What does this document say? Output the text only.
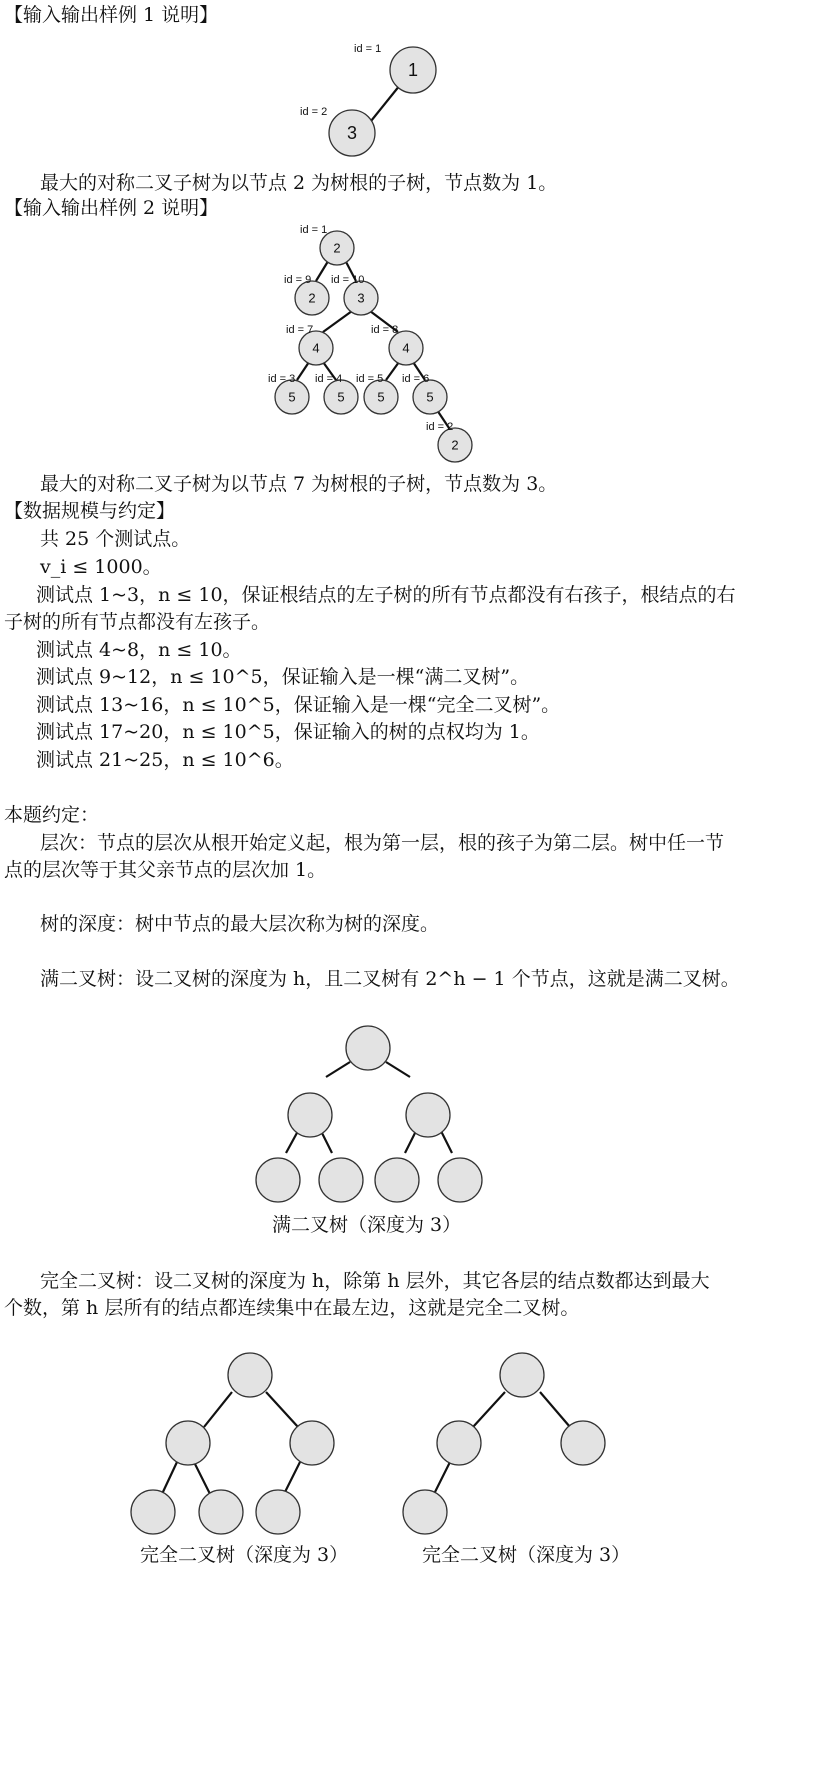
【输入输出样例 1 说明】
id = 1
id = 2
1
3
id = 1
id = 9 id = 10
id = 7	id = 8
id = 3 id = 4 id = 5 id = 6
id = 2
2
2	3
4	4
5	5	5	5
2
最大的对称二叉子树为以节点 2 为树根的子树，节点数为 1。
【输入输出样例 2 说明】
最大的对称二叉子树为以节点 7 为树根的子树，节点数为 3。
【数据规模与约定】
共 25 个测试点。
v_i ≤ 1000。
测试点 1~3，n ≤ 10，保证根结点的左子树的所有节点都没有右孩子，根结点的右
子树的所有节点都没有左孩子。
测试点 4~8，n ≤ 10。
测试点 9~12，n ≤ 10^5，保证输入是一棵“满二叉树”。
测试点 13~16，n ≤ 10^5，保证输入是一棵“完全二叉树”。
测试点 17~20，n ≤ 10^5，保证输入的树的点权均为 1。
测试点 21~25，n ≤ 10^6。
本题约定：
层次：节点的层次从根开始定义起，根为第一层，根的孩子为第二层。树中任一节
点的层次等于其父亲节点的层次加 1。
树的深度：树中节点的最大层次称为树的深度。
满二叉树：设二叉树的深度为 h，且二叉树有 2^h − 1 个节点，这就是满二叉树。
满二叉树（深度为 3）
完全二叉树：设二叉树的深度为 h，除第 h 层外，其它各层的结点数都达到最大
个数，第 h 层所有的结点都连续集中在最左边，这就是完全二叉树。
完全二叉树（深度为 3）	完全二叉树（深度为 3）
